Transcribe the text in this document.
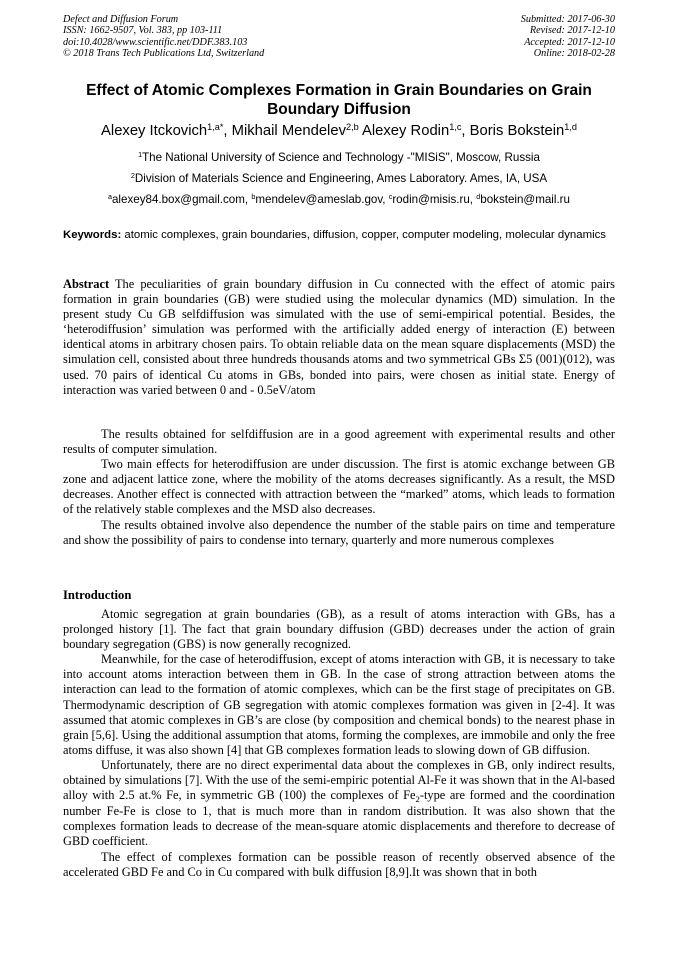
Defect and Diffusion Forum
ISSN: 1662-9507, Vol. 383, pp 103-111
doi:10.4028/www.scientific.net/DDF.383.103
© 2018 Trans Tech Publications Ltd, Switzerland
Submitted: 2017-06-30
Revised: 2017-12-10
Accepted: 2017-12-10
Online: 2018-02-28
Effect of Atomic Complexes Formation in Grain Boundaries on Grain Boundary Diffusion
Alexey Itckovich$^{1,a*}$, Mikhail Mendelev$^{2,b}$ Alexey Rodin$^{1,c}$, Boris Bokstein$^{1,d}$
$^1$The National University of Science and Technology -"MISiS", Moscow, Russia
$^2$Division of Materials Science and Engineering, Ames Laboratory. Ames, IA, USA
$^a$alexey84.box@gmail.com, $^b$mendelev@ameslab.gov, $^c$rodin@misis.ru, $^d$bokstein@mail.ru
Keywords: atomic complexes, grain boundaries, diffusion, copper, computer modeling, molecular dynamics

Abstract The peculiarities of grain boundary diffusion in Cu connected with the effect of atomic pairs formation in grain boundaries (GB) were studied using the molecular dynamics (MD) simulation. In the present study Cu GB selfdiffusion was simulated with the use of semi-empirical potential. Besides, the ‘heterodiffusion’ simulation was performed with the artificially added energy of interaction (E) between identical atoms in arbitrary chosen pairs. To obtain reliable data on the mean square displacements (MSD) the simulation cell, consisted about three hundreds thousands atoms and two symmetrical GBs Σ5 (001)(012), was used. 70 pairs of identical Cu atoms in GBs, bonded into pairs, were chosen as initial state. Energy of interaction was varied between 0 and - 0.5eV/atom

The results obtained for selfdiffusion are in a good agreement with experimental results and other results of computer simulation.

Two main effects for heterodiffusion are under discussion. The first is atomic exchange between GB zone and adjacent lattice zone, where the mobility of the atoms decreases significantly. As a result, the MSD decreases. Another effect is connected with attraction between the “marked” atoms, which leads to formation of the relatively stable complexes and the MSD also decreases.

The results obtained involve also dependence the number of the stable pairs on time and temperature and show the possibility of pairs to condense into ternary, quarterly and more numerous complexes

Introduction

Atomic segregation at grain boundaries (GB), as a result of atoms interaction with GBs, has a prolonged history [1]. The fact that grain boundary diffusion (GBD) decreases under the action of grain boundary segregation (GBS) is now generally recognized.

Meanwhile, for the case of heterodiffusion, except of atoms interaction with GB, it is necessary to take into account atoms interaction between them in GB. In the case of strong attraction between atoms the interaction can lead to the formation of atomic complexes, which can be the first stage of precipitates on GB. Thermodynamic description of GB segregation with atomic complexes formation was given in [2-4]. It was assumed that atomic complexes in GB’s are close (by composition and chemical bonds) to the nearest phase in grain [5,6]. Using the additional assumption that atoms, forming the complexes, are immobile and only the free atoms diffuse, it was also shown [4] that GB complexes formation leads to slowing down of GB diffusion.

Unfortunately, there are no direct experimental data about the complexes in GB, only indirect results, obtained by simulations [7]. With the use of the semi-empiric potential Al-Fe it was shown that in the Al-based alloy with 2.5 at.% Fe, in symmetric GB (100) the complexes of $Fe_2$-type are formed and the coordination number Fe-Fe is close to 1, that is much more than in random distribution. It was also shown that the complexes formation leads to decrease of the mean-square atomic displacements and therefore to decrease of GBD coefficient.

The effect of complexes formation can be possible reason of recently observed absence of the accelerated GBD Fe and Co in Cu compared with bulk diffusion [8,9].It was shown that in both
